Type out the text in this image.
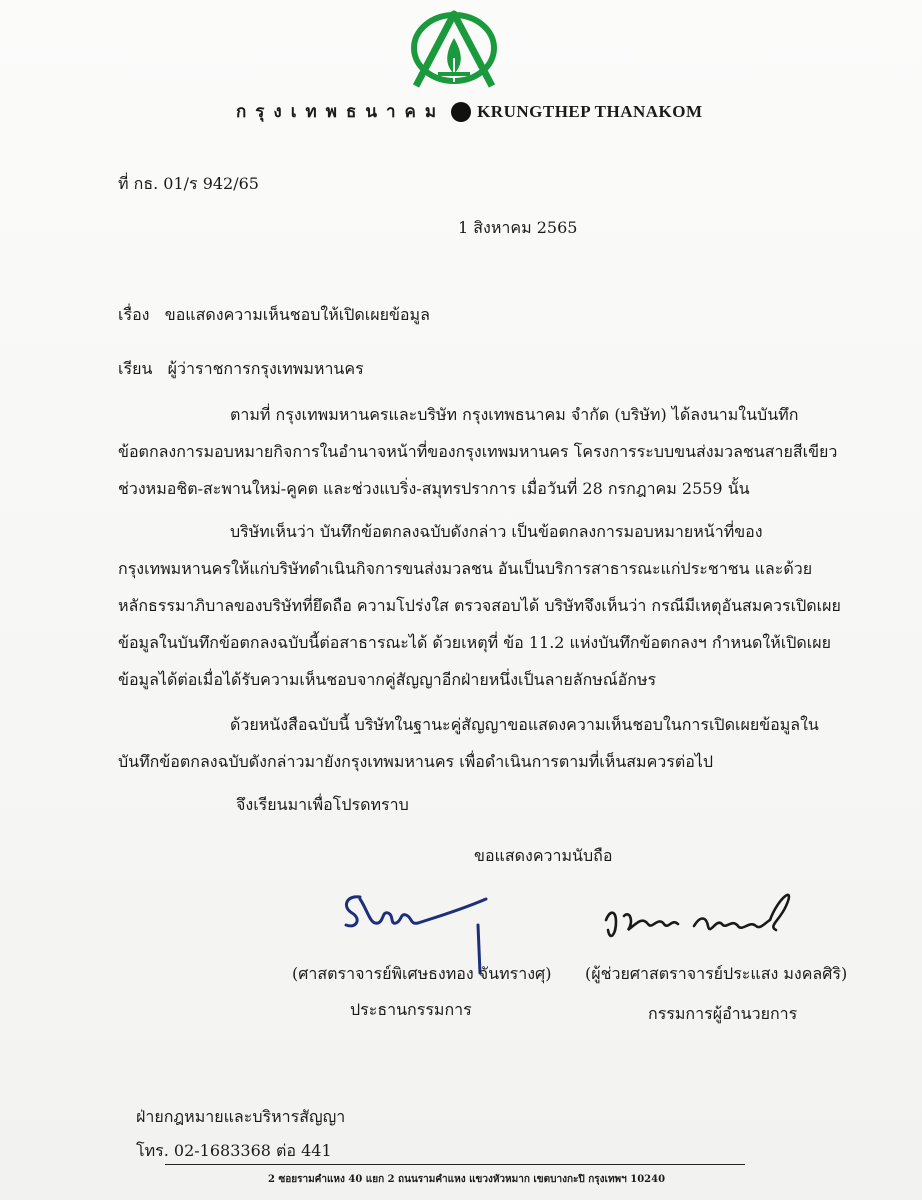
กรุงเทพธนาคม KRUNGTHEP THANAKOM
ที่ กธ. 01/ร 942/65
1 สิงหาคม 2565
เรื่อง ขอแสดงความเห็นชอบให้เปิดเผยข้อมูล
เรียน ผู้ว่าราชการกรุงเทพมหานคร
ตามที่ กรุงเทพมหานครและบริษัท กรุงเทพธนาคม จำกัด (บริษัท) ได้ลงนามในบันทึก
ข้อตกลงการมอบหมายกิจการในอำนาจหน้าที่ของกรุงเทพมหานคร โครงการระบบขนส่งมวลชนสายสีเขียว
ช่วงหมอชิต-สะพานใหม่-คูคต และช่วงแบริ่ง-สมุทรปราการ เมื่อวันที่ 28 กรกฎาคม 2559 นั้น
บริษัทเห็นว่า บันทึกข้อตกลงฉบับดังกล่าว เป็นข้อตกลงการมอบหมายหน้าที่ของ
กรุงเทพมหานครให้แก่บริษัทดำเนินกิจการขนส่งมวลชน อันเป็นบริการสาธารณะแก่ประชาชน และด้วย
หลักธรรมาภิบาลของบริษัทที่ยึดถือ ความโปร่งใส ตรวจสอบได้ บริษัทจึงเห็นว่า กรณีมีเหตุอันสมควรเปิดเผย
ข้อมูลในบันทึกข้อตกลงฉบับนี้ต่อสาธารณะได้ ด้วยเหตุที่ ข้อ 11.2 แห่งบันทึกข้อตกลงฯ กำหนดให้เปิดเผย
ข้อมูลได้ต่อเมื่อได้รับความเห็นชอบจากคู่สัญญาอีกฝ่ายหนึ่งเป็นลายลักษณ์อักษร
ด้วยหนังสือฉบับนี้ บริษัทในฐานะคู่สัญญาขอแสดงความเห็นชอบในการเปิดเผยข้อมูลใน
บันทึกข้อตกลงฉบับดังกล่าวมายังกรุงเทพมหานคร เพื่อดำเนินการตามที่เห็นสมควรต่อไป
จึงเรียนมาเพื่อโปรดทราบ
ขอแสดงความนับถือ
(ศาสตราจารย์พิเศษธงทอง จันทรางศุ)
ประธานกรรมการ
(ผู้ช่วยศาสตราจารย์ประแสง มงคลศิริ)
กรรมการผู้อำนวยการ
ฝ่ายกฎหมายและบริหารสัญญา
โทร. 02-1683368 ต่อ 441
2 ซอยรามคำแหง 40 แยก 2 ถนนรามคำแหง แขวงหัวหมาก เขตบางกะปิ กรุงเทพฯ 10240
